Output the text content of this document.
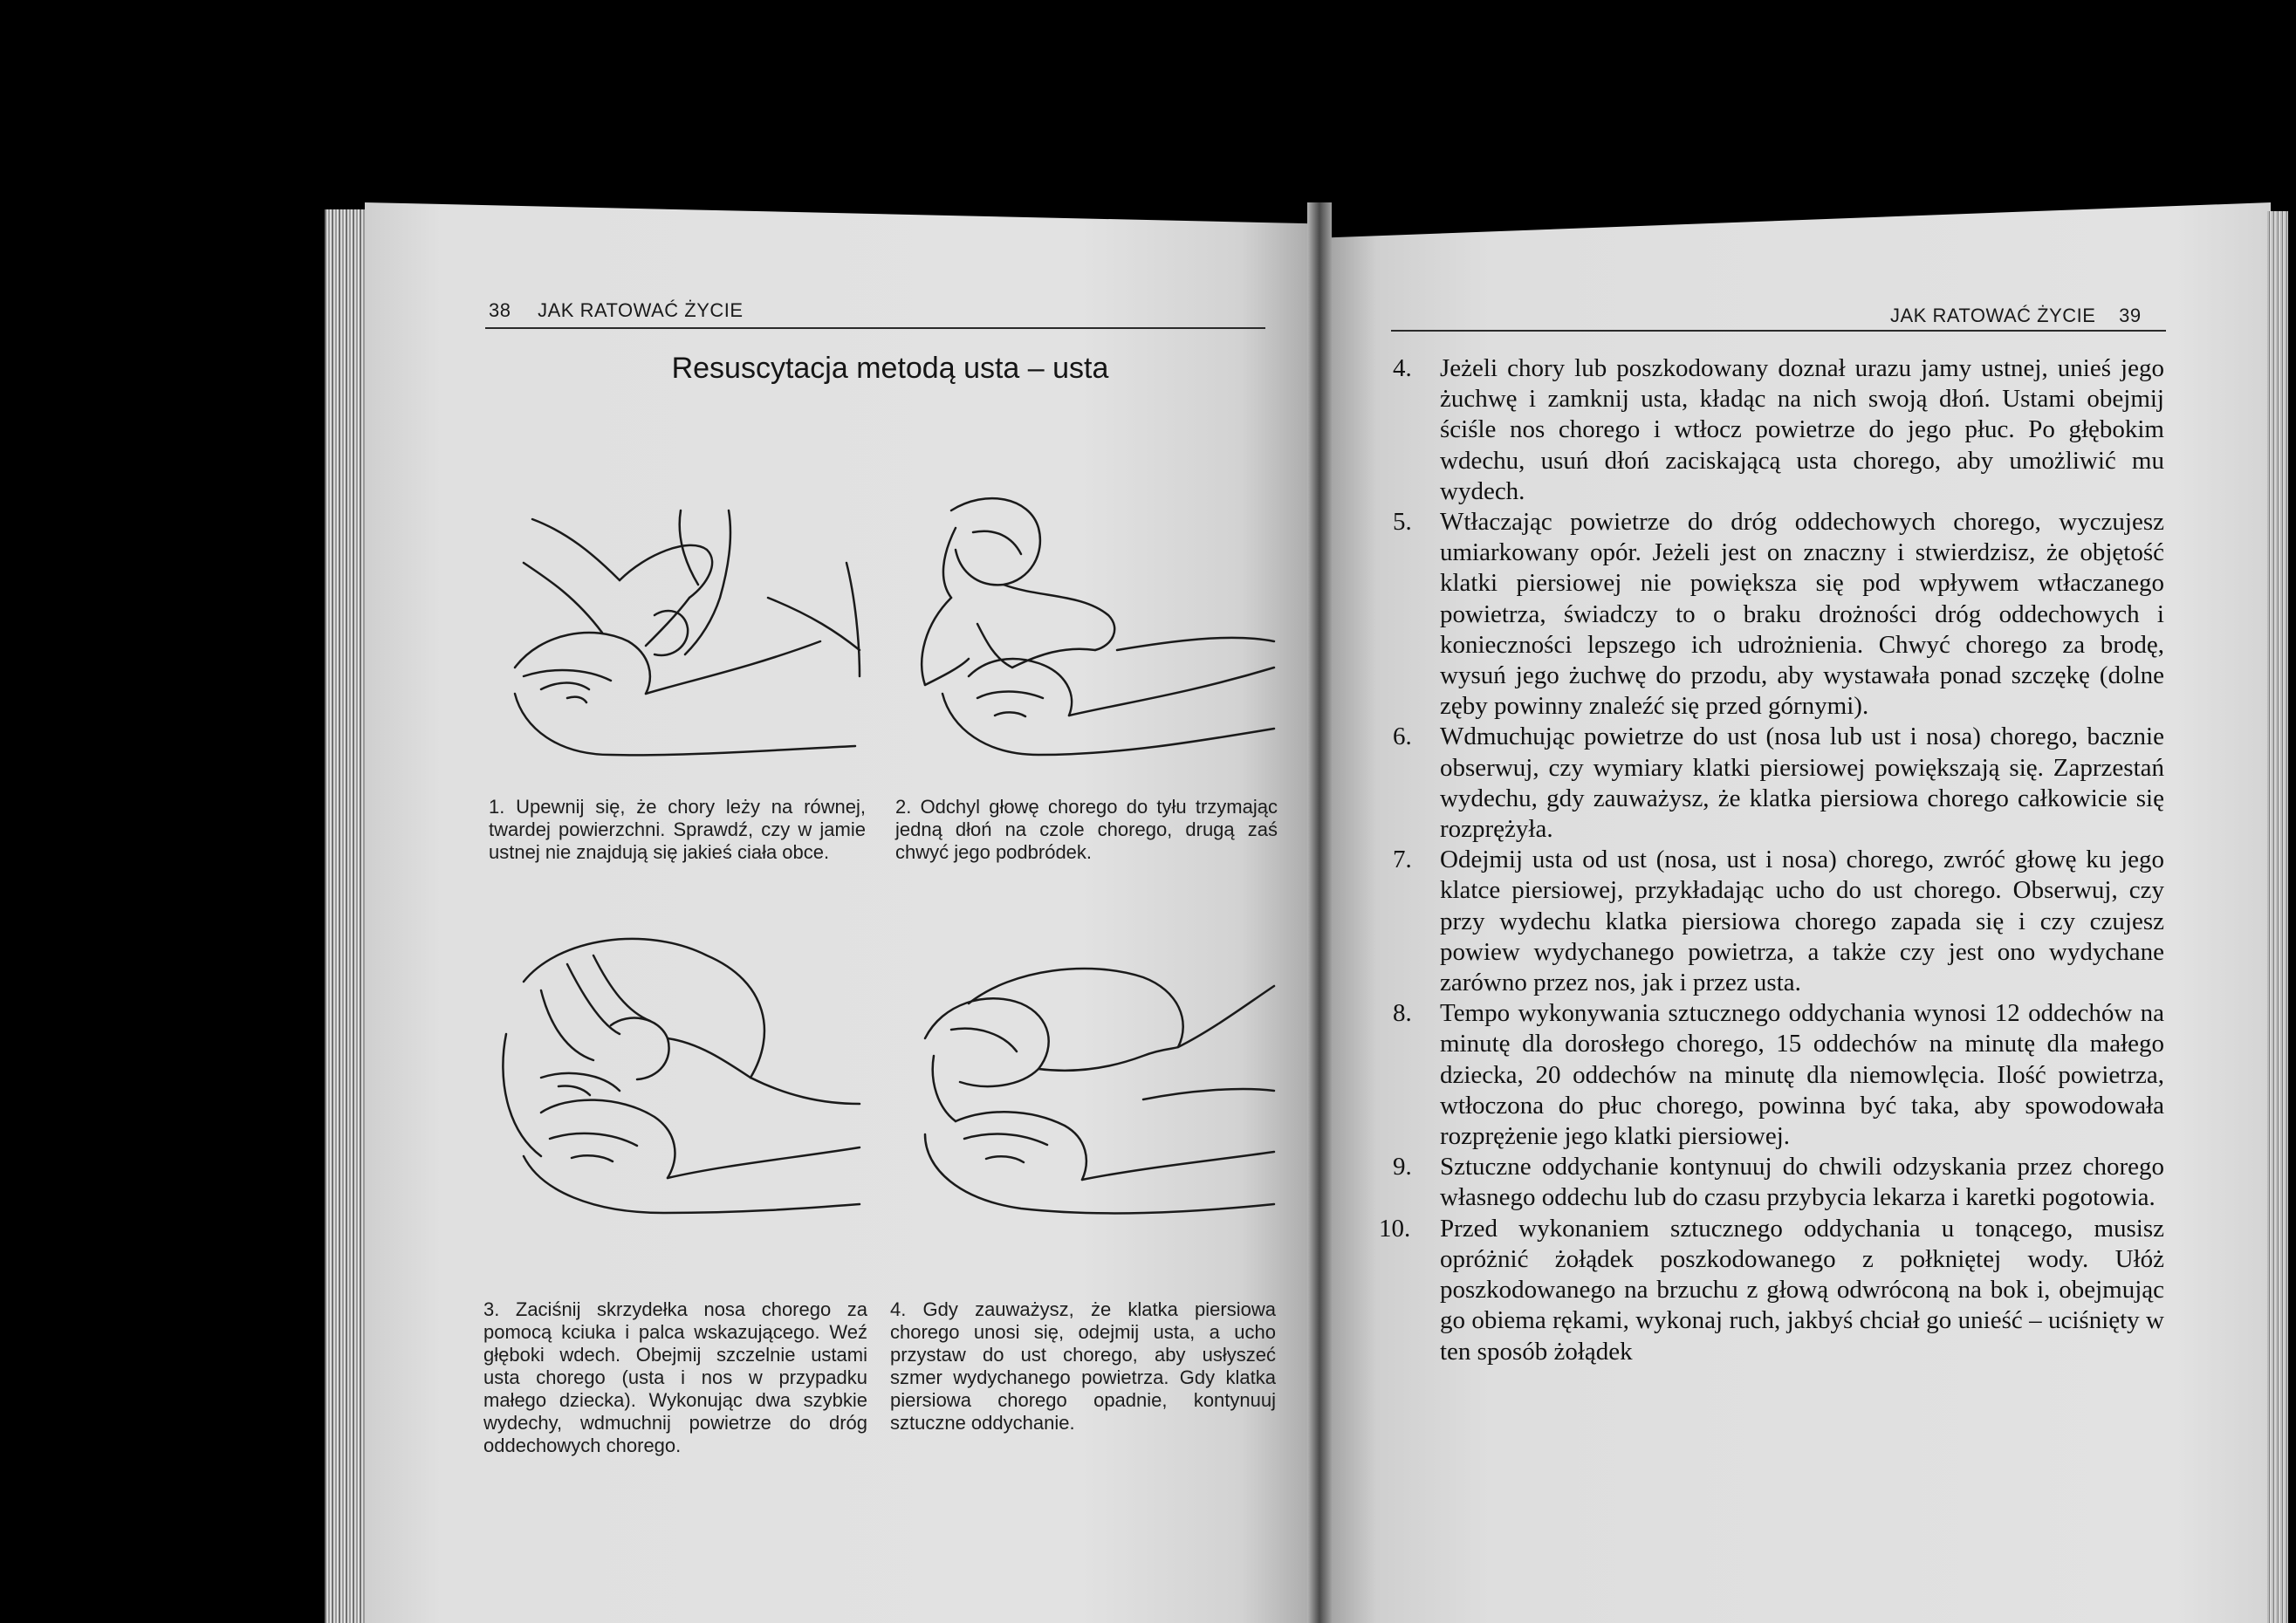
38 JAK RATOWAĆ ŻYCIE
Resuscytacja metodą usta – usta
1. Upewnij się, że chory leży na równej, twardej powierzchni. Sprawdź, czy w jamie ustnej nie znajdują się jakieś ciała obce.
2. Odchyl głowę chorego do tyłu trzymając jedną dłoń na czole chorego, drugą zaś chwyć jego podbródek.
3. Zaciśnij skrzydełka nosa chorego za pomocą kciuka i palca wskazującego. Weź głęboki wdech. Obejmij szczelnie ustami usta chorego (usta i nos w przypadku małego dziecka). Wykonując dwa szybkie wydechy, wdmuchnij powietrze do dróg oddechowych chorego.
4. Gdy zauważysz, że klatka piersiowa chorego unosi się, odejmij usta, a ucho przystaw do ust chorego, aby usłyszeć szmer wydychanego powietrza. Gdy klatka piersiowa chorego opadnie, kontynuuj sztuczne oddychanie.
JAK RATOWAĆ ŻYCIE 39
4. Jeżeli chory lub poszkodowany doznał urazu jamy ustnej, unieś jego żuchwę i zamknij usta, kładąc na nich swoją dłoń. Ustami obejmij ściśle nos chorego i wtłocz powietrze do jego płuc. Po głębokim wdechu, usuń dłoń zaciskającą usta chorego, aby umożliwić mu wydech.
5. Wtłaczając powietrze do dróg oddechowych chorego, wyczujesz umiarkowany opór. Jeżeli jest on znaczny i stwierdzisz, że objętość klatki piersiowej nie powiększa się pod wpływem wtłaczanego powietrza, świadczy to o braku drożności dróg oddechowych i konieczności lepszego ich udrożnienia. Chwyć chorego za brodę, wysuń jego żuchwę do przodu, aby wystawała ponad szczękę (dolne zęby powinny znaleźć się przed górnymi).
6. Wdmuchując powietrze do ust (nosa lub ust i nosa) chorego, bacznie obserwuj, czy wymiary klatki piersiowej powiększają się. Zaprzestań wydechu, gdy zauważysz, że klatka piersiowa chorego całkowicie się rozprężyła.
7. Odejmij usta od ust (nosa, ust i nosa) chorego, zwróć głowę ku jego klatce piersiowej, przykładając ucho do ust chorego. Obserwuj, czy przy wydechu klatka piersiowa chorego zapada się i czy czujesz powiew wydychanego powietrza, a także czy jest ono wydychane zarówno przez nos, jak i przez usta.
8. Tempo wykonywania sztucznego oddychania wynosi 12 oddechów na minutę dla dorosłego chorego, 15 oddechów na minutę dla małego dziecka, 20 oddechów na minutę dla niemowlęcia. Ilość powietrza, wtłoczona do płuc chorego, powinna być taka, aby spowodowała rozprężenie jego klatki piersiowej.
9. Sztuczne oddychanie kontynuuj do chwili odzyskania przez chorego własnego oddechu lub do czasu przybycia lekarza i karetki pogotowia.
10. Przed wykonaniem sztucznego oddychania u tonącego, musisz opróżnić żołądek poszkodowanego z połkniętej wody. Ułóż poszkodowanego na brzuchu z głową odwróconą na bok i, obejmując go obiema rękami, wykonaj ruch, jakbyś chciał go unieść – uciśnięty w ten sposób żołądek
